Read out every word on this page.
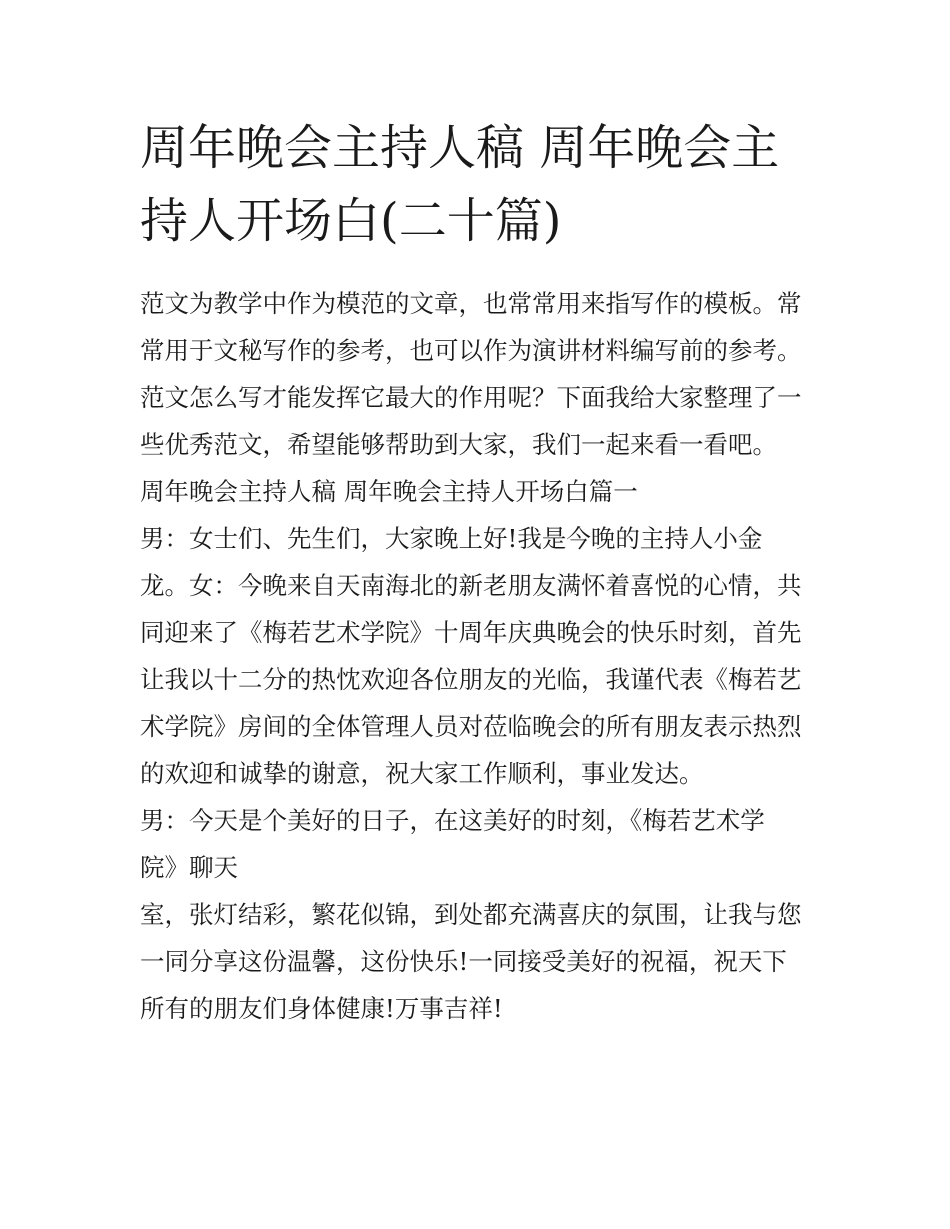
周年晚会主持人稿 周年晚会主
持人开场白(二十篇)
范文为教学中作为模范的文章，也常常用来指写作的模板。常
常用于文秘写作的参考，也可以作为演讲材料编写前的参考。
范文怎么写才能发挥它最大的作用呢？下面我给大家整理了一
些优秀范文，希望能够帮助到大家，我们一起来看一看吧。
周年晚会主持人稿 周年晚会主持人开场白篇一
男：女士们、先生们，大家晚上好!我是今晚的主持人小金
龙。女：今晚来自天南海北的新老朋友满怀着喜悦的心情，共
同迎来了《梅若艺术学院》十周年庆典晚会的快乐时刻，首先
让我以十二分的热忱欢迎各位朋友的光临，我谨代表《梅若艺
术学院》房间的全体管理人员对莅临晚会的所有朋友表示热烈
的欢迎和诚挚的谢意，祝大家工作顺利，事业发达。
男：今天是个美好的日子，在这美好的时刻，《梅若艺术学
院》聊天
室，张灯结彩，繁花似锦，到处都充满喜庆的氛围，让我与您
一同分享这份温馨，这份快乐!一同接受美好的祝福，祝天下
所有的朋友们身体健康!万事吉祥!
